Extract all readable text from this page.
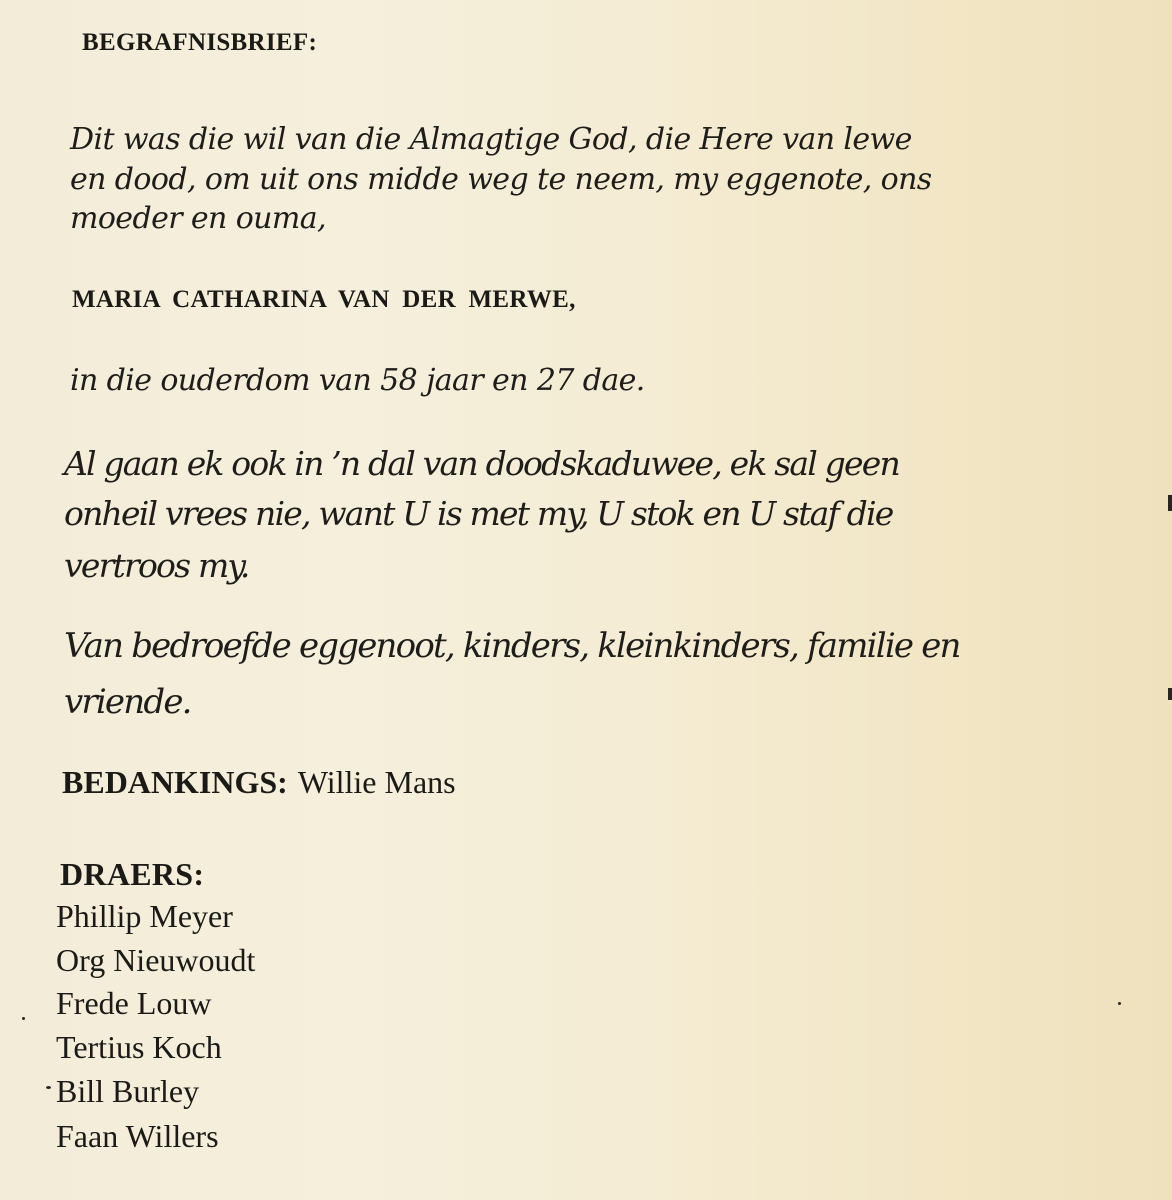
BEGRAFNISBRIEF:
Dit was die wil van die Almagtige God, die Here van lewe
en dood, om uit ons midde weg te neem, my eggenote, ons
moeder en ouma,
MARIA CATHARINA VAN DER MERWE,
in die ouderdom van 58 jaar en 27 dae.
Al gaan ek ook in ’n dal van doodskaduwee, ek sal geen
onheil vrees nie, want U is met my, U stok en U staf die
vertroos my.
Van bedroefde eggenoot, kinders, kleinkinders, familie en
vriende.
BEDANKINGS: Willie Mans
DRAERS:
Phillip Meyer
Org Nieuwoudt
Frede Louw
Tertius Koch
Bill Burley
Faan Willers
